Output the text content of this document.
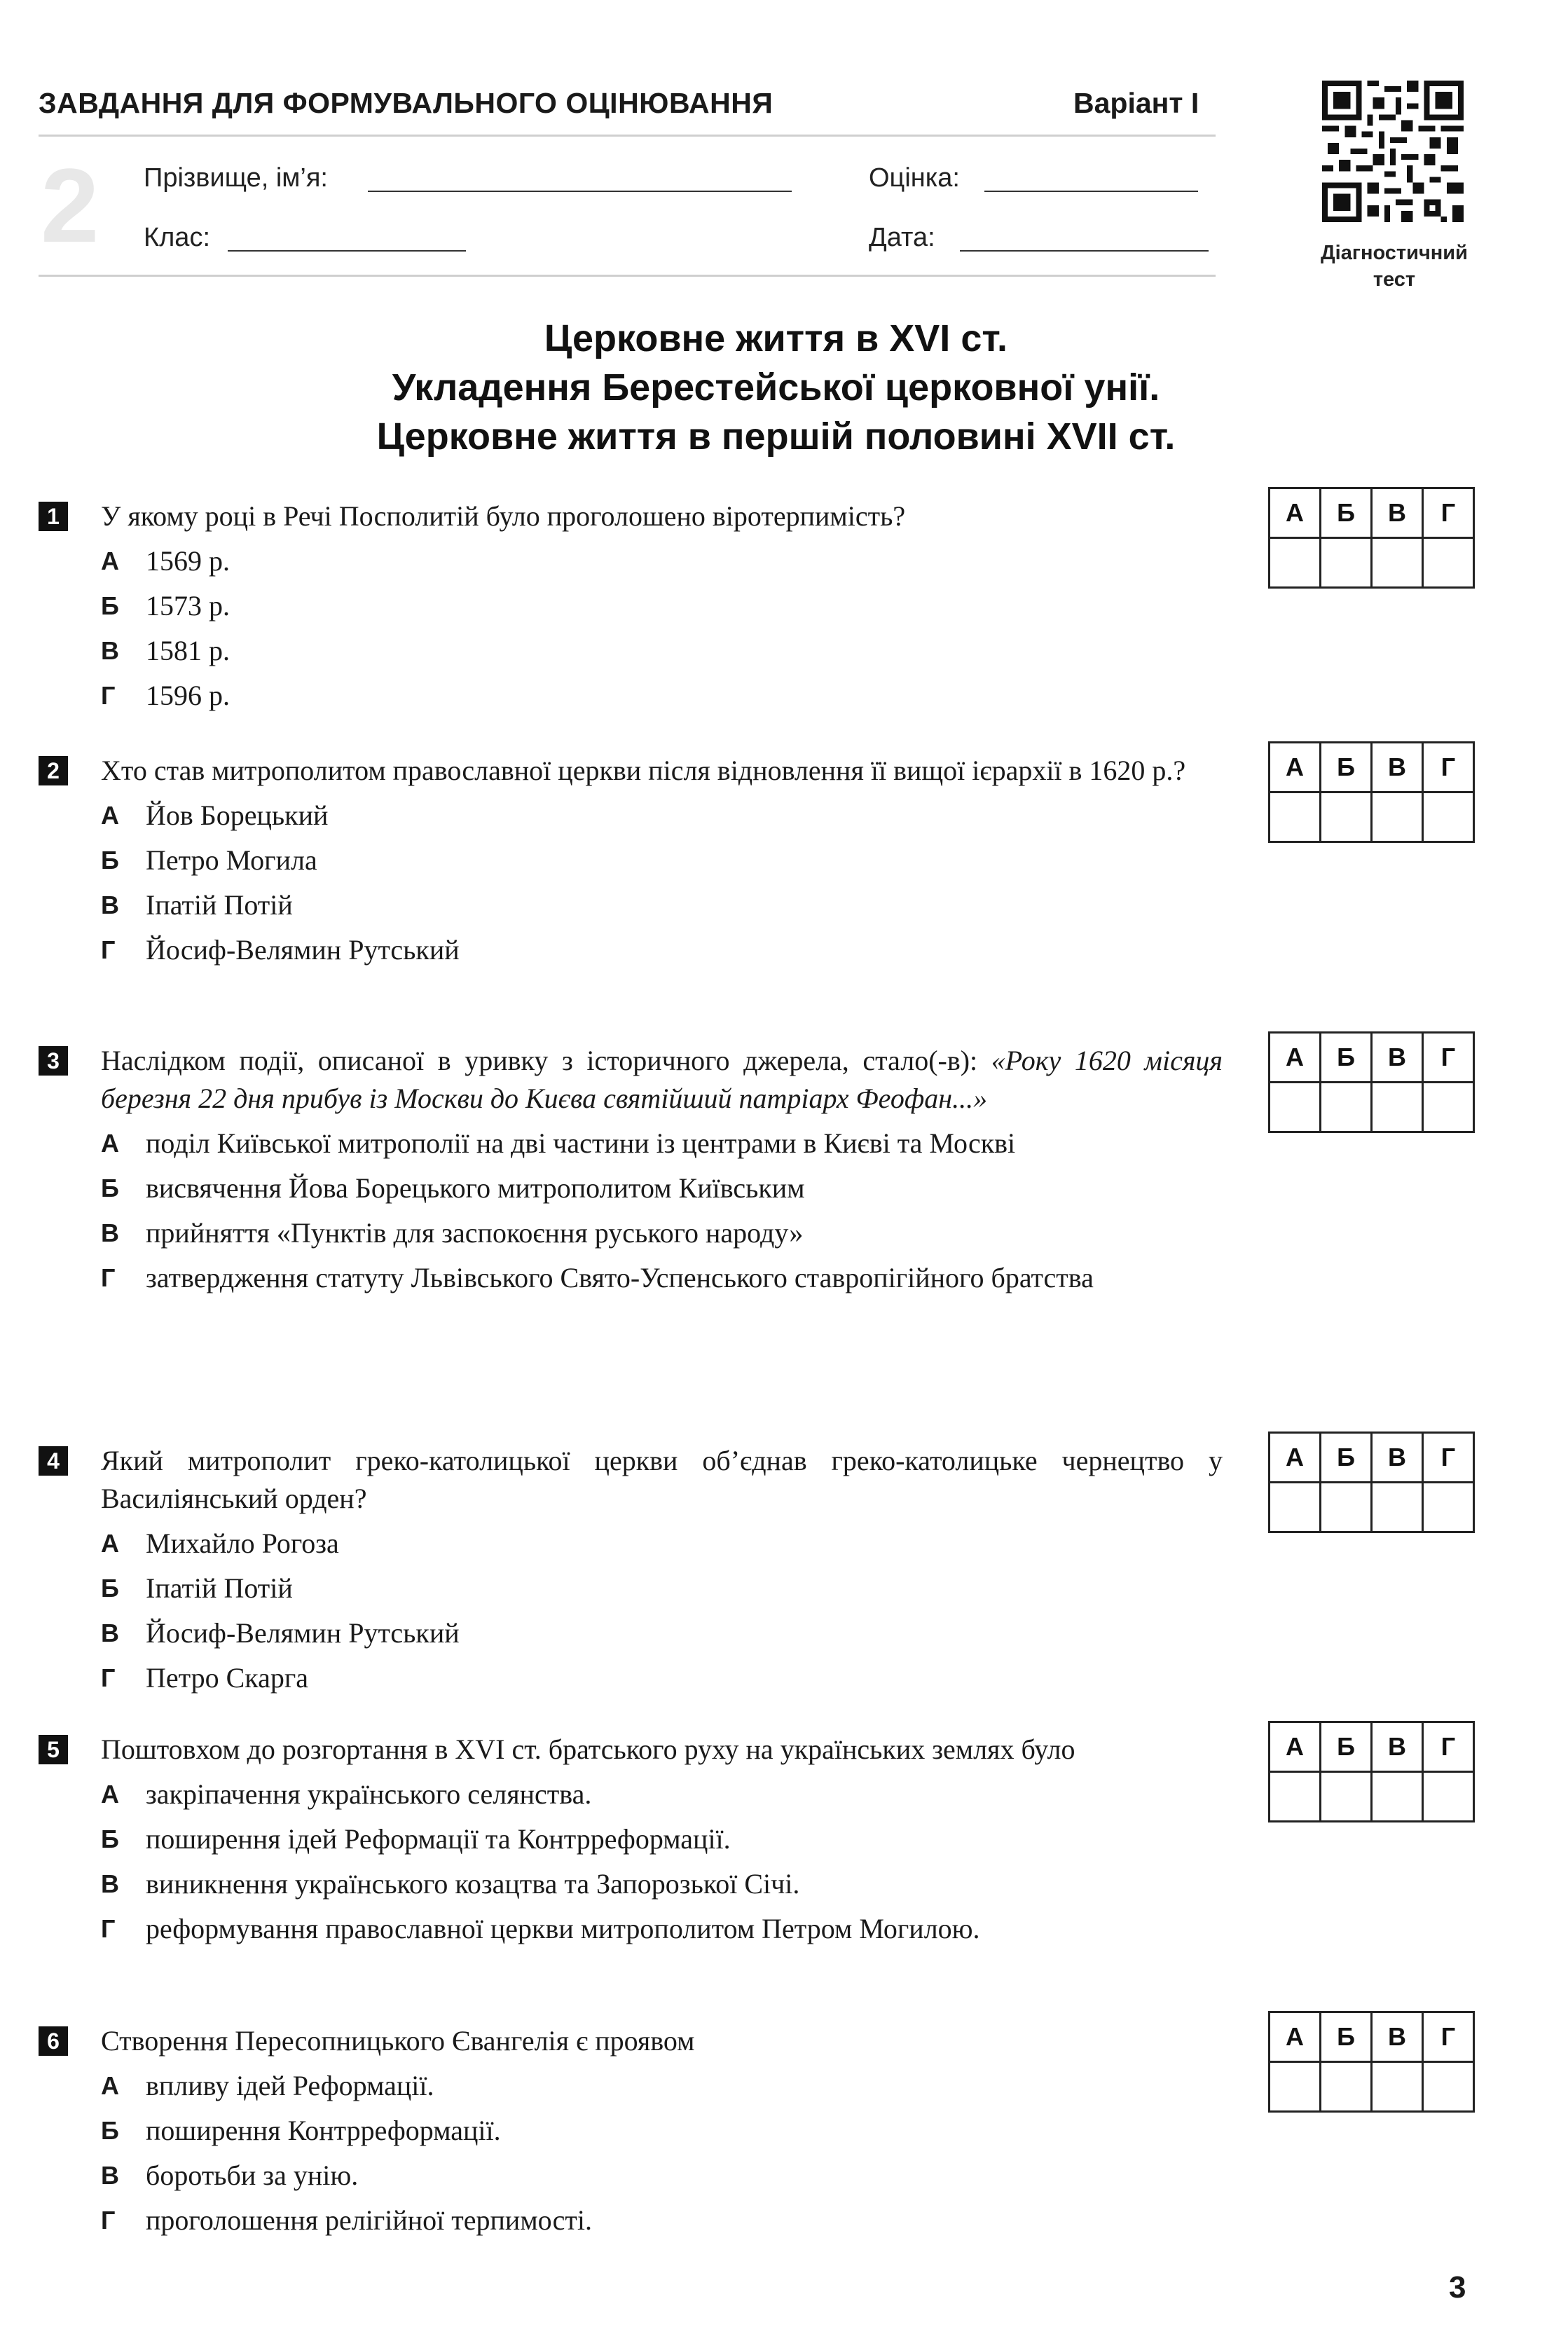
ЗАВДАННЯ ДЛЯ ФОРМУВАЛЬНОГО ОЦІНЮВАННЯ	Варіант І
2 Прізвище, ім’я:	Оцінка:
Клас:	Дата:
Діагностичний
тест
Церковне життя в XVI ст.
Укладення Берестейської церковної унії.
Церковне життя в першій половині XVII ст.
1	У якому році в Речі Посполитій було проголошено віротерпимість?
А 1569 р.
Б 1573 р.
В 1581 р.
Г 1596 р.
А	Б	В	Г

2	Хто став митрополитом православної церкви після відновлення її вищої ієрархії в 1620 р.?
А Йов Борецький
Б Петро Могила
В Іпатій Потій
Г Йосиф-Велямин Рутський
А	Б	В	Г

3	Наслідком події, описаної в уривку з історичного джерела, стало(-в): «Року 1620 місяця березня 22 дня прибув із Москви до Києва святійший патріарх Феофан...»
А поділ Київської митрополії на дві частини із центрами в Києві та Москві
Б висвячення Йова Борецького митрополитом Київським
В прийняття «Пунктів для заспокоєння руського народу»
Г затвердження статуту Львівського Свято-Успенського ставропігійного братства
А	Б	В	Г

4	Який митрополит греко-католицької церкви об’єднав греко-католицьке чернецтво у Василіянський орден?
А Михайло Рогоза
Б Іпатій Потій
В Йосиф-Велямин Рутський
Г Петро Скарга
А	Б	В	Г

5	Поштовхом до розгортання в XVI ст. братського руху на українських землях було
А закріпачення українського селянства.
Б поширення ідей Реформації та Контрреформації.
В виникнення українського козацтва та Запорозької Січі.
Г реформування православної церкви митрополитом Петром Могилою.
А	Б	В	Г

6	Створення Пересопницького Євангелія є проявом
А впливу ідей Реформації.
Б поширення Контрреформації.
В боротьби за унію.
Г проголошення релігійної терпимості.
А	Б	В	Г

3
